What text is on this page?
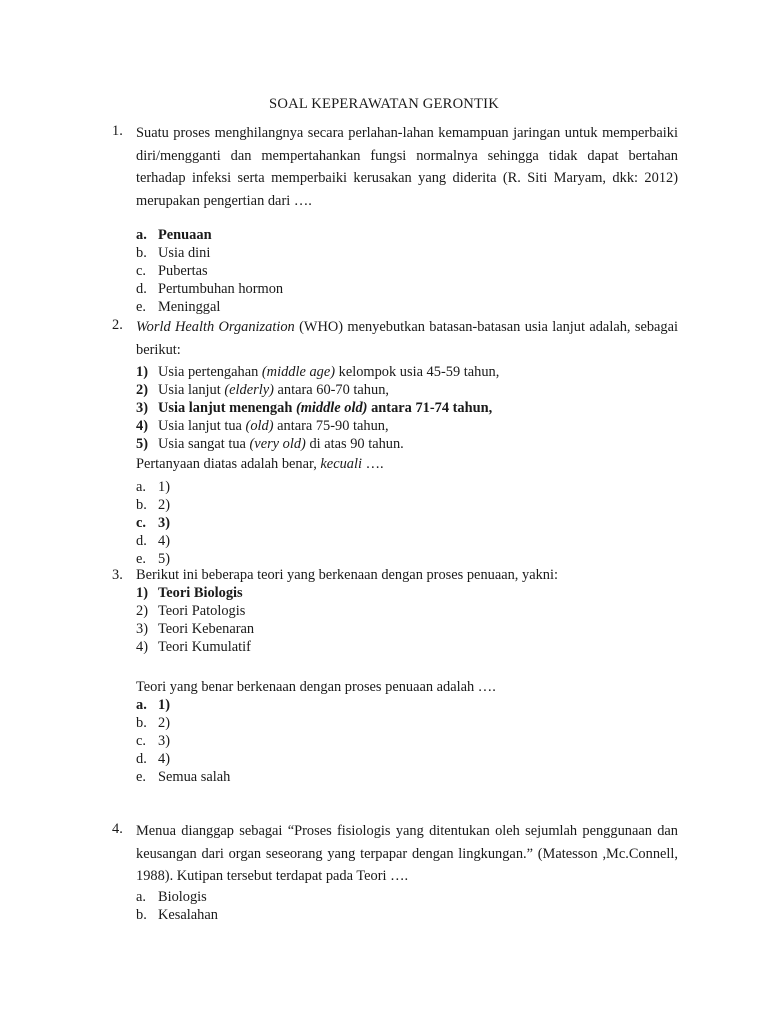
SOAL KEPERAWATAN GERONTIK
1. Suatu proses menghilangnya secara perlahan-lahan kemampuan jaringan untuk memperbaiki diri/mengganti dan mempertahankan fungsi normalnya sehingga tidak dapat bertahan terhadap infeksi serta memperbaiki kerusakan yang diderita (R. Siti Maryam, dkk: 2012) merupakan pengertian dari ….
a. Penuaan
b. Usia dini
c. Pubertas
d. Pertumbuhan hormon
e. Meninggal
2. World Health Organization (WHO) menyebutkan batasan-batasan usia lanjut adalah, sebagai berikut:
1) Usia pertengahan (middle age) kelompok usia 45-59 tahun,
2) Usia lanjut (elderly) antara 60-70 tahun,
3) Usia lanjut menengah (middle old) antara 71-74 tahun,
4) Usia lanjut tua (old) antara 75-90 tahun,
5) Usia sangat tua (very old) di atas 90 tahun.
Pertanyaan diatas adalah benar, kecuali ….
a. 1)
b. 2)
c. 3)
d. 4)
e. 5)
3. Berikut ini beberapa teori yang berkenaan dengan proses penuaan, yakni:
1) Teori Biologis
2) Teori Patologis
3) Teori Kebenaran
4) Teori Kumulatif
Teori yang benar berkenaan dengan proses penuaan adalah ….
a. 1)
b. 2)
c. 3)
d. 4)
e. Semua salah
4. Menua dianggap sebagai “Proses fisiologis yang ditentukan oleh sejumlah penggunaan dan keusangan dari organ seseorang yang terpapar dengan lingkungan.” (Matesson ,Mc.Connell, 1988). Kutipan tersebut terdapat pada Teori ….
a. Biologis
b. Kesalahan
